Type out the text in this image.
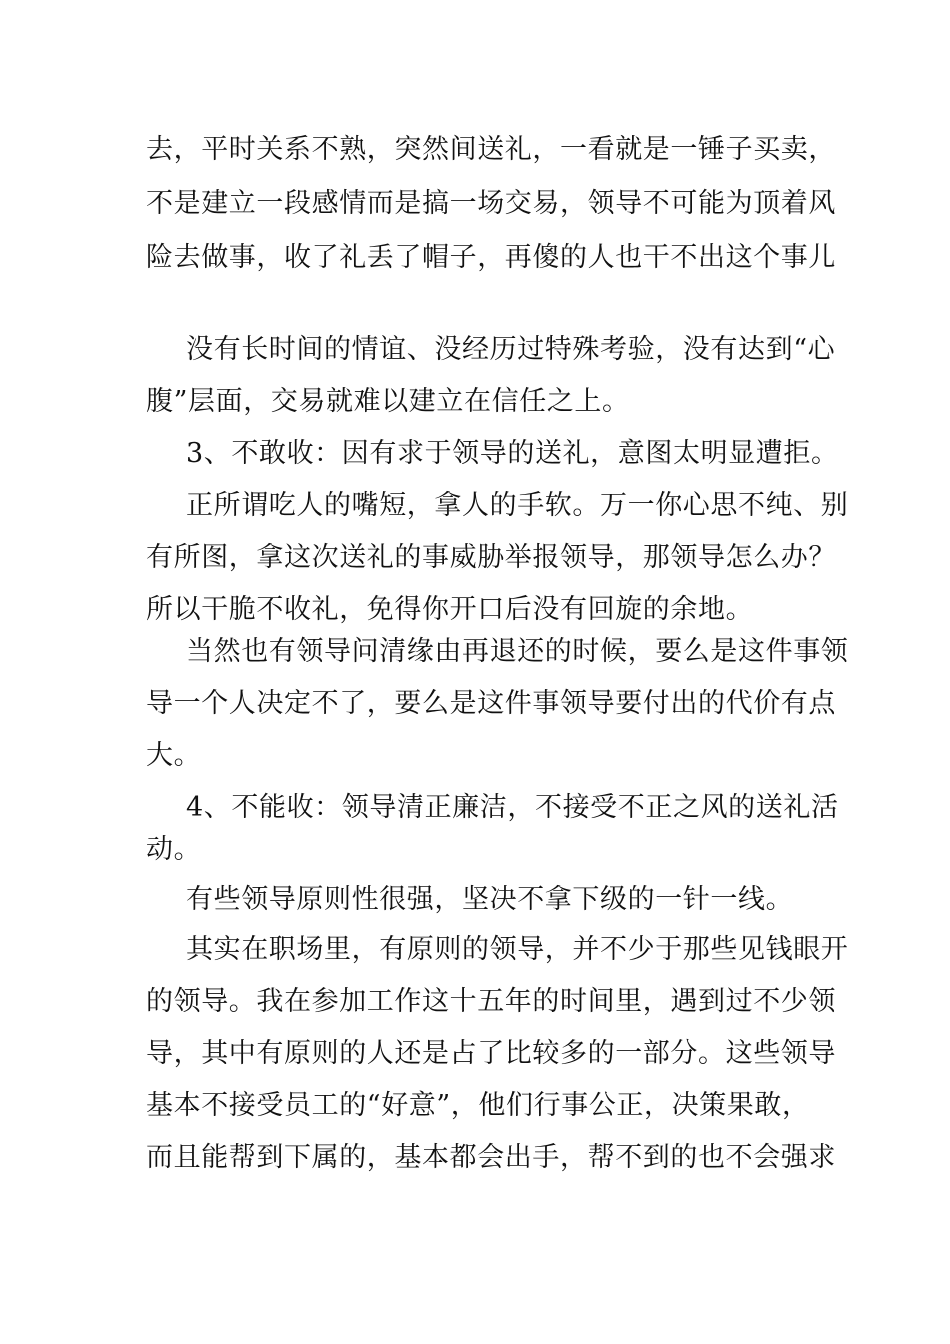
去，平时关系不熟，突然间送礼，一看就是一锤子买卖，
不是建立一段感情而是搞一场交易，领导不可能为顶着风
险去做事，收了礼丢了帽子，再傻的人也干不出这个事儿
没有长时间的情谊、没经历过特殊考验，没有达到“心
腹”层面，交易就难以建立在信任之上。
3、不敢收：因有求于领导的送礼，意图太明显遭拒。
正所谓吃人的嘴短，拿人的手软。万一你心思不纯、别
有所图，拿这次送礼的事威胁举报领导，那领导怎么办？
所以干脆不收礼，免得你开口后没有回旋的余地。
当然也有领导问清缘由再退还的时候，要么是这件事领
导一个人决定不了，要么是这件事领导要付出的代价有点
大。
4、不能收：领导清正廉洁，不接受不正之风的送礼活
动。
有些领导原则性很强，坚决不拿下级的一针一线。
其实在职场里，有原则的领导，并不少于那些见钱眼开
的领导。我在参加工作这十五年的时间里，遇到过不少领
导，其中有原则的人还是占了比较多的一部分。这些领导
基本不接受员工的“好意”，他们行事公正，决策果敢，
而且能帮到下属的，基本都会出手，帮不到的也不会强求
